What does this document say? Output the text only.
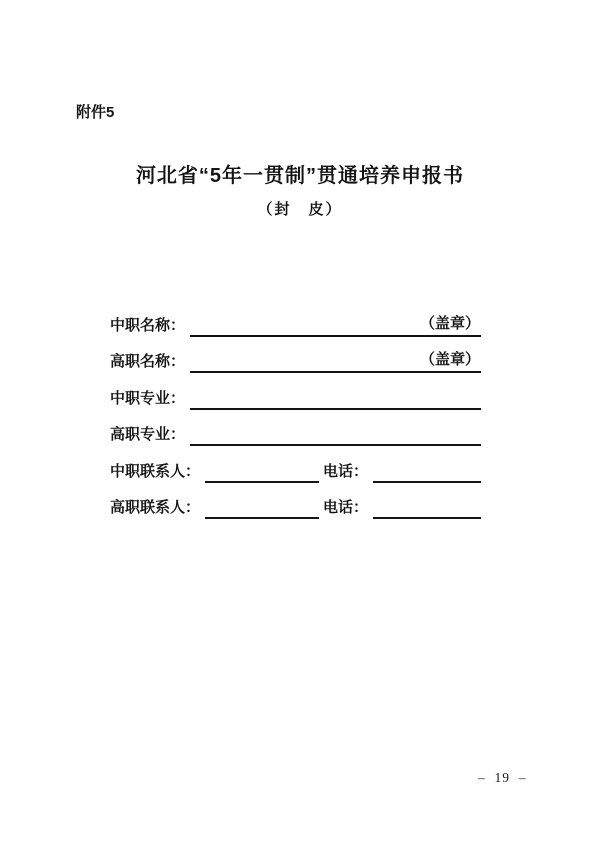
附件5
河北省“5年一贯制”贯通培养申报书
（封　皮）
中职名称：	（盖章）
高职名称：	（盖章）
中职专业：
高职专业：
中职联系人：	电话：
高职联系人：	电话：
–  19  –
